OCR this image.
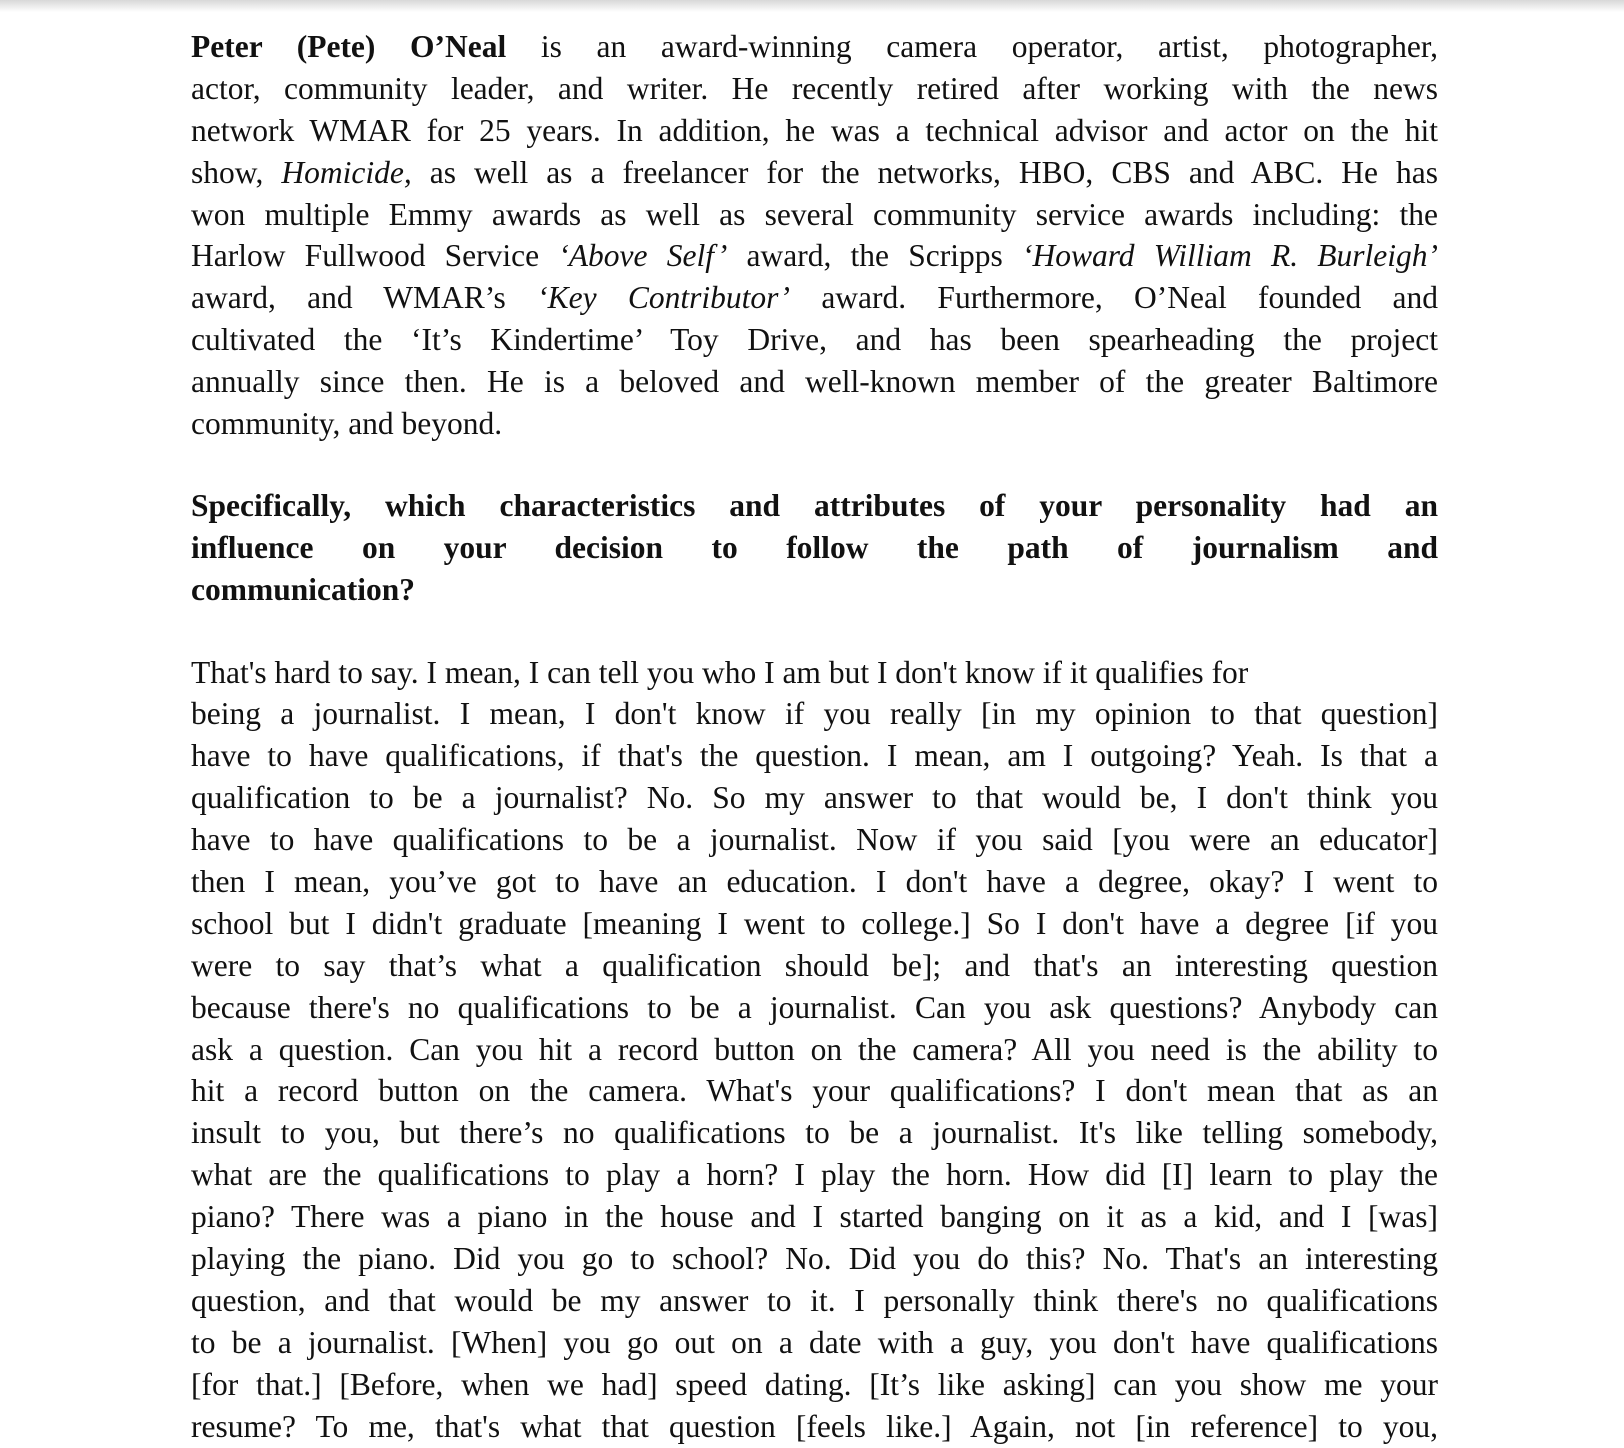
Peter (Pete) O’Neal is an award-winning camera operator, artist, photographer,
actor, community leader, and writer. He recently retired after working with the news
network WMAR for 25 years. In addition, he was a technical advisor and actor on the hit
show, Homicide, as well as a freelancer for the networks, HBO, CBS and ABC. He has
won multiple Emmy awards as well as several community service awards including: the
Harlow Fullwood Service ‘Above Self’ award, the Scripps ‘Howard William R. Burleigh’
award, and WMAR’s ‘Key Contributor’ award. Furthermore, O’Neal founded and
cultivated the ‘It’s Kindertime’ Toy Drive, and has been spearheading the project
annually since then. He is a beloved and well-known member of the greater Baltimore
community, and beyond.
Specifically, which characteristics and attributes of your personality had an
influence on your decision to follow the path of journalism and
communication?
That's hard to say. I mean, I can tell you who I am but I don't know if it qualifies for
being a journalist. I mean, I don't know if you really [in my opinion to that question]
have to have qualifications, if that's the question. I mean, am I outgoing? Yeah. Is that a
qualification to be a journalist? No. So my answer to that would be, I don't think you
have to have qualifications to be a journalist. Now if you said [you were an educator]
then I mean, you’ve got to have an education. I don't have a degree, okay? I went to
school but I didn't graduate [meaning I went to college.] So I don't have a degree [if you
were to say that’s what a qualification should be]; and that's an interesting question
because there's no qualifications to be a journalist. Can you ask questions? Anybody can
ask a question. Can you hit a record button on the camera? All you need is the ability to
hit a record button on the camera. What's your qualifications? I don't mean that as an
insult to you, but there’s no qualifications to be a journalist. It's like telling somebody,
what are the qualifications to play a horn? I play the horn. How did [I] learn to play the
piano? There was a piano in the house and I started banging on it as a kid, and I [was]
playing the piano. Did you go to school? No. Did you do this? No. That's an interesting
question, and that would be my answer to it. I personally think there's no qualifications
to be a journalist. [When] you go out on a date with a guy, you don't have qualifications
[for that.] [Before, when we had] speed dating. [It’s like asking] can you show me your
resume? To me, that's what that question [feels like.] Again, not [in reference] to you,
